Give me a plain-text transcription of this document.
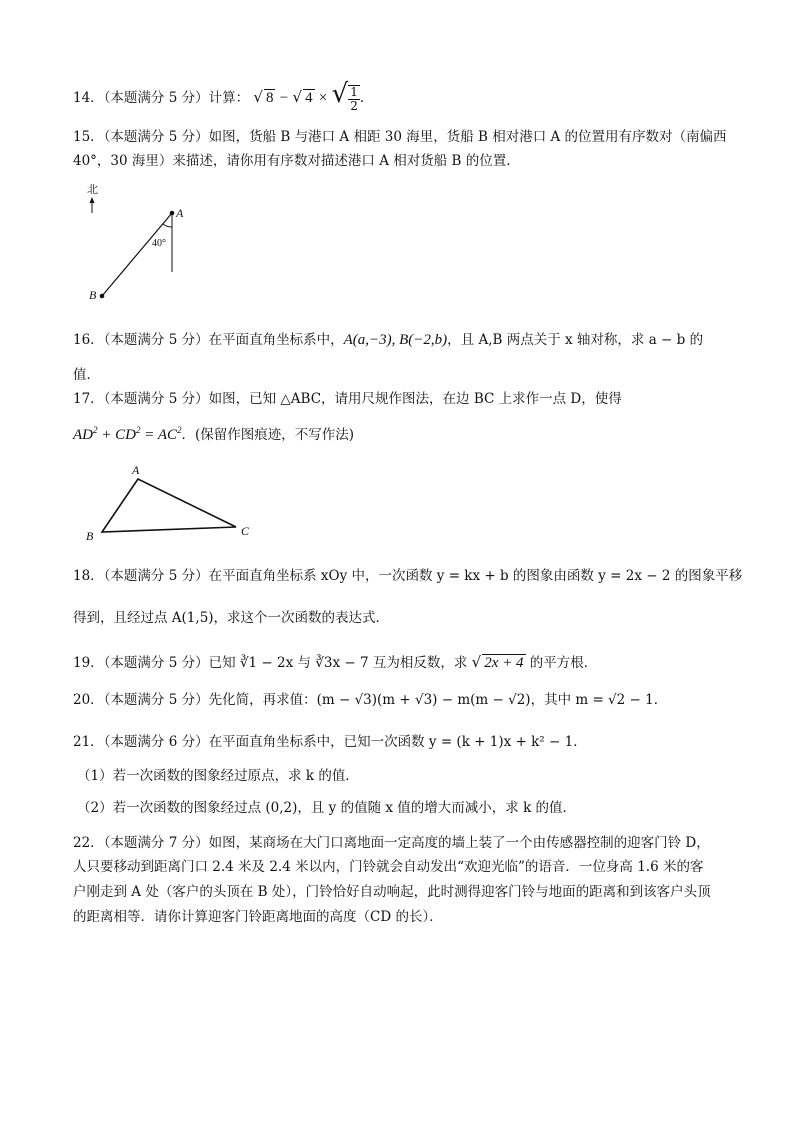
14．（本题满分 5 分）计算： √ 8 − √ 4 × √ $\frac{1}{2}$ ．
15．（本题满分 5 分）如图，货船 B 与港口 A 相距 30 海里，货船 B 相对港口 A 的位置用有序数对（南偏西
40°，30 海里）来描述，请你用有序数对描述港口 A 相对货船 B 的位置．
北
A
B
40°
16．（本题满分 5 分）在平面直角坐标系中，A(a,−3), B(−2,b)，且 A,B 两点关于 x 轴对称，求 a − b 的
值．
17．（本题满分 5 分）如图，已知 △ABC，请用尺规作图法，在边 BC 上求作一点 D，使得
$AD^2 + CD^2 = AC^2$．(保留作图痕迹，不写作法)
A
B	C
18．（本题满分 5 分）在平面直角坐标系 xOy 中，一次函数 y = kx + b 的图象由函数 y = 2x − 2 的图象平移
得到，且经过点 A(1,5)，求这个一次函数的表达式．
19．（本题满分 5 分）已知 ∛1 − 2x 与 ∛3x − 7 互为相反数，求 √ 2x + 4 的平方根．
20．（本题满分 5 分）先化简，再求值：(m − √3)(m + √3) − m(m − √2)，其中 m = √2 − 1．
21．（本题满分 6 分）在平面直角坐标系中，已知一次函数 y = (k + 1)x + k² − 1．
（1）若一次函数的图象经过原点，求 k 的值．
（2）若一次函数的图象经过点 (0,2)，且 y 的值随 x 值的增大而减小，求 k 的值．
22．（本题满分 7 分）如图，某商场在大门口离地面一定高度的墙上装了一个由传感器控制的迎客门铃 D，
人只要移动到距离门口 2.4 米及 2.4 米以内，门铃就会自动发出“欢迎光临”的语音．一位身高 1.6 米的客
户刚走到 A 处（客户的头顶在 B 处），门铃恰好自动响起，此时测得迎客门铃与地面的距离和到该客户头顶
的距离相等．请你计算迎客门铃距离地面的高度（CD 的长）．
